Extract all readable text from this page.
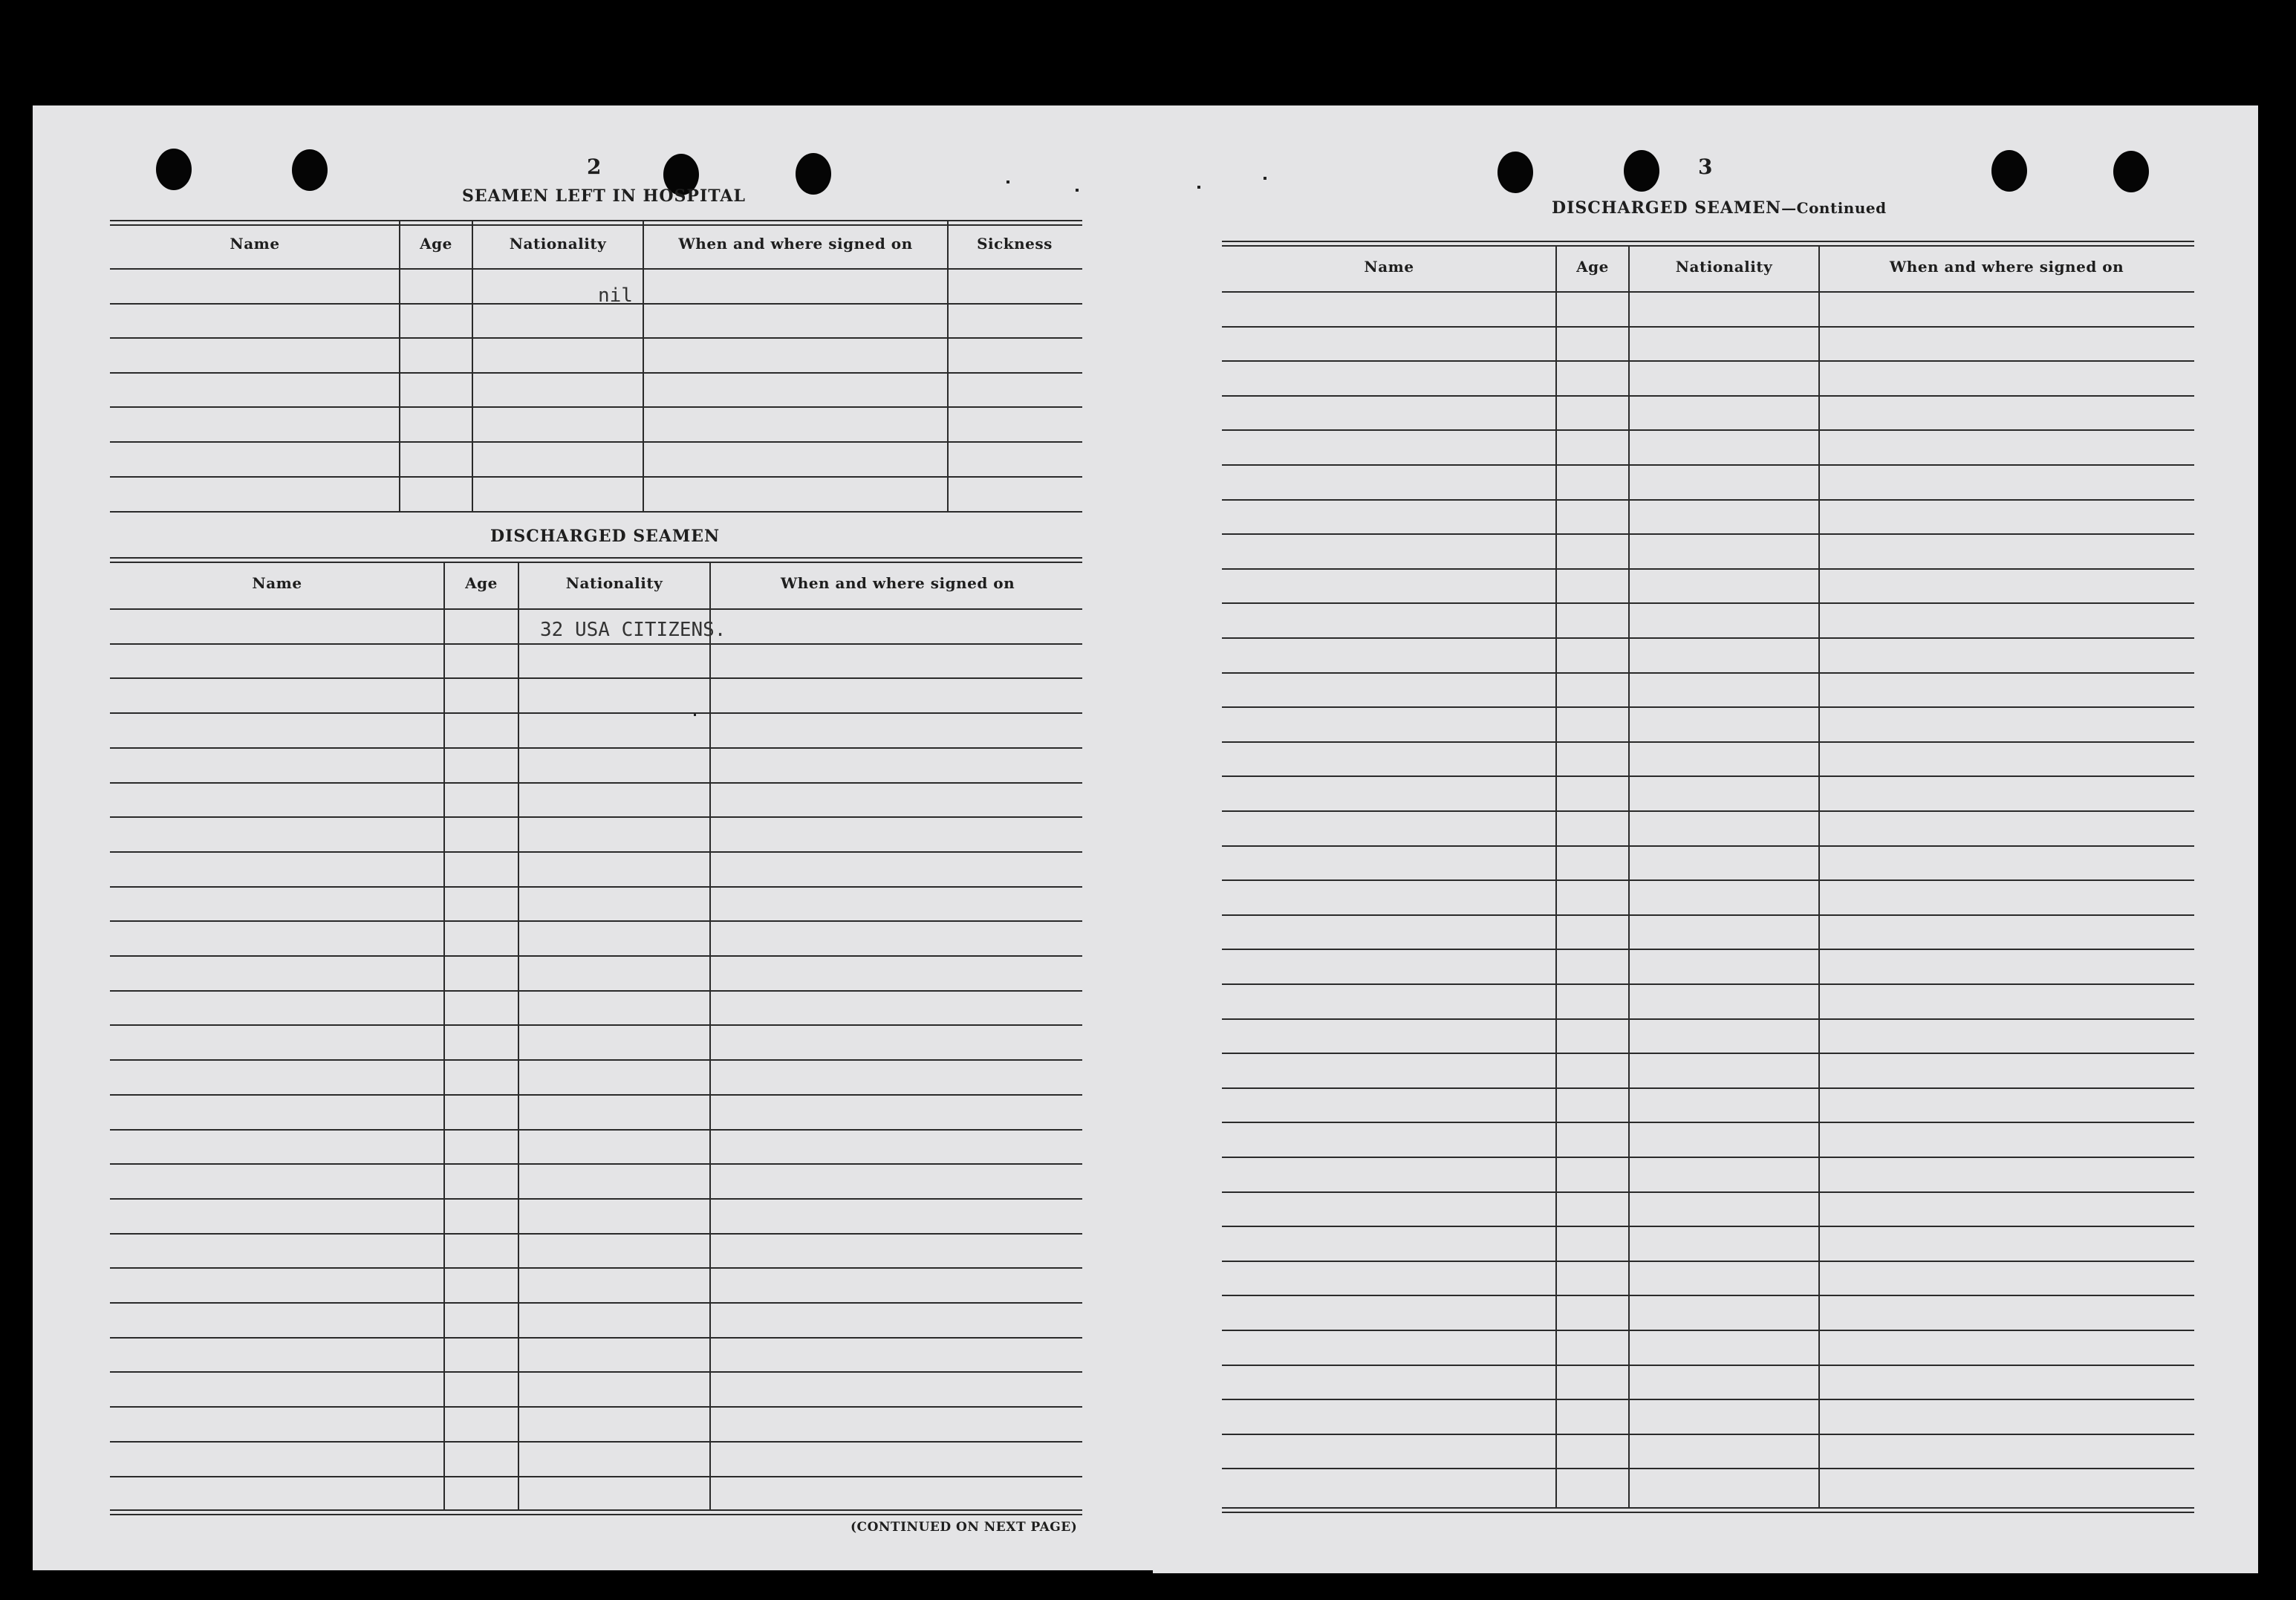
2
SEAMEN LEFT IN HOSPITAL
Name	Age	Nationality	When and where signed on	Sickness
nil
DISCHARGED SEAMEN
Name	Age	Nationality	When and where signed on
32 USA CITIZENS.
(CONTINUED ON NEXT PAGE)
3
DISCHARGED SEAMEN—Continued
Name	Age	Nationality	When and where signed on
